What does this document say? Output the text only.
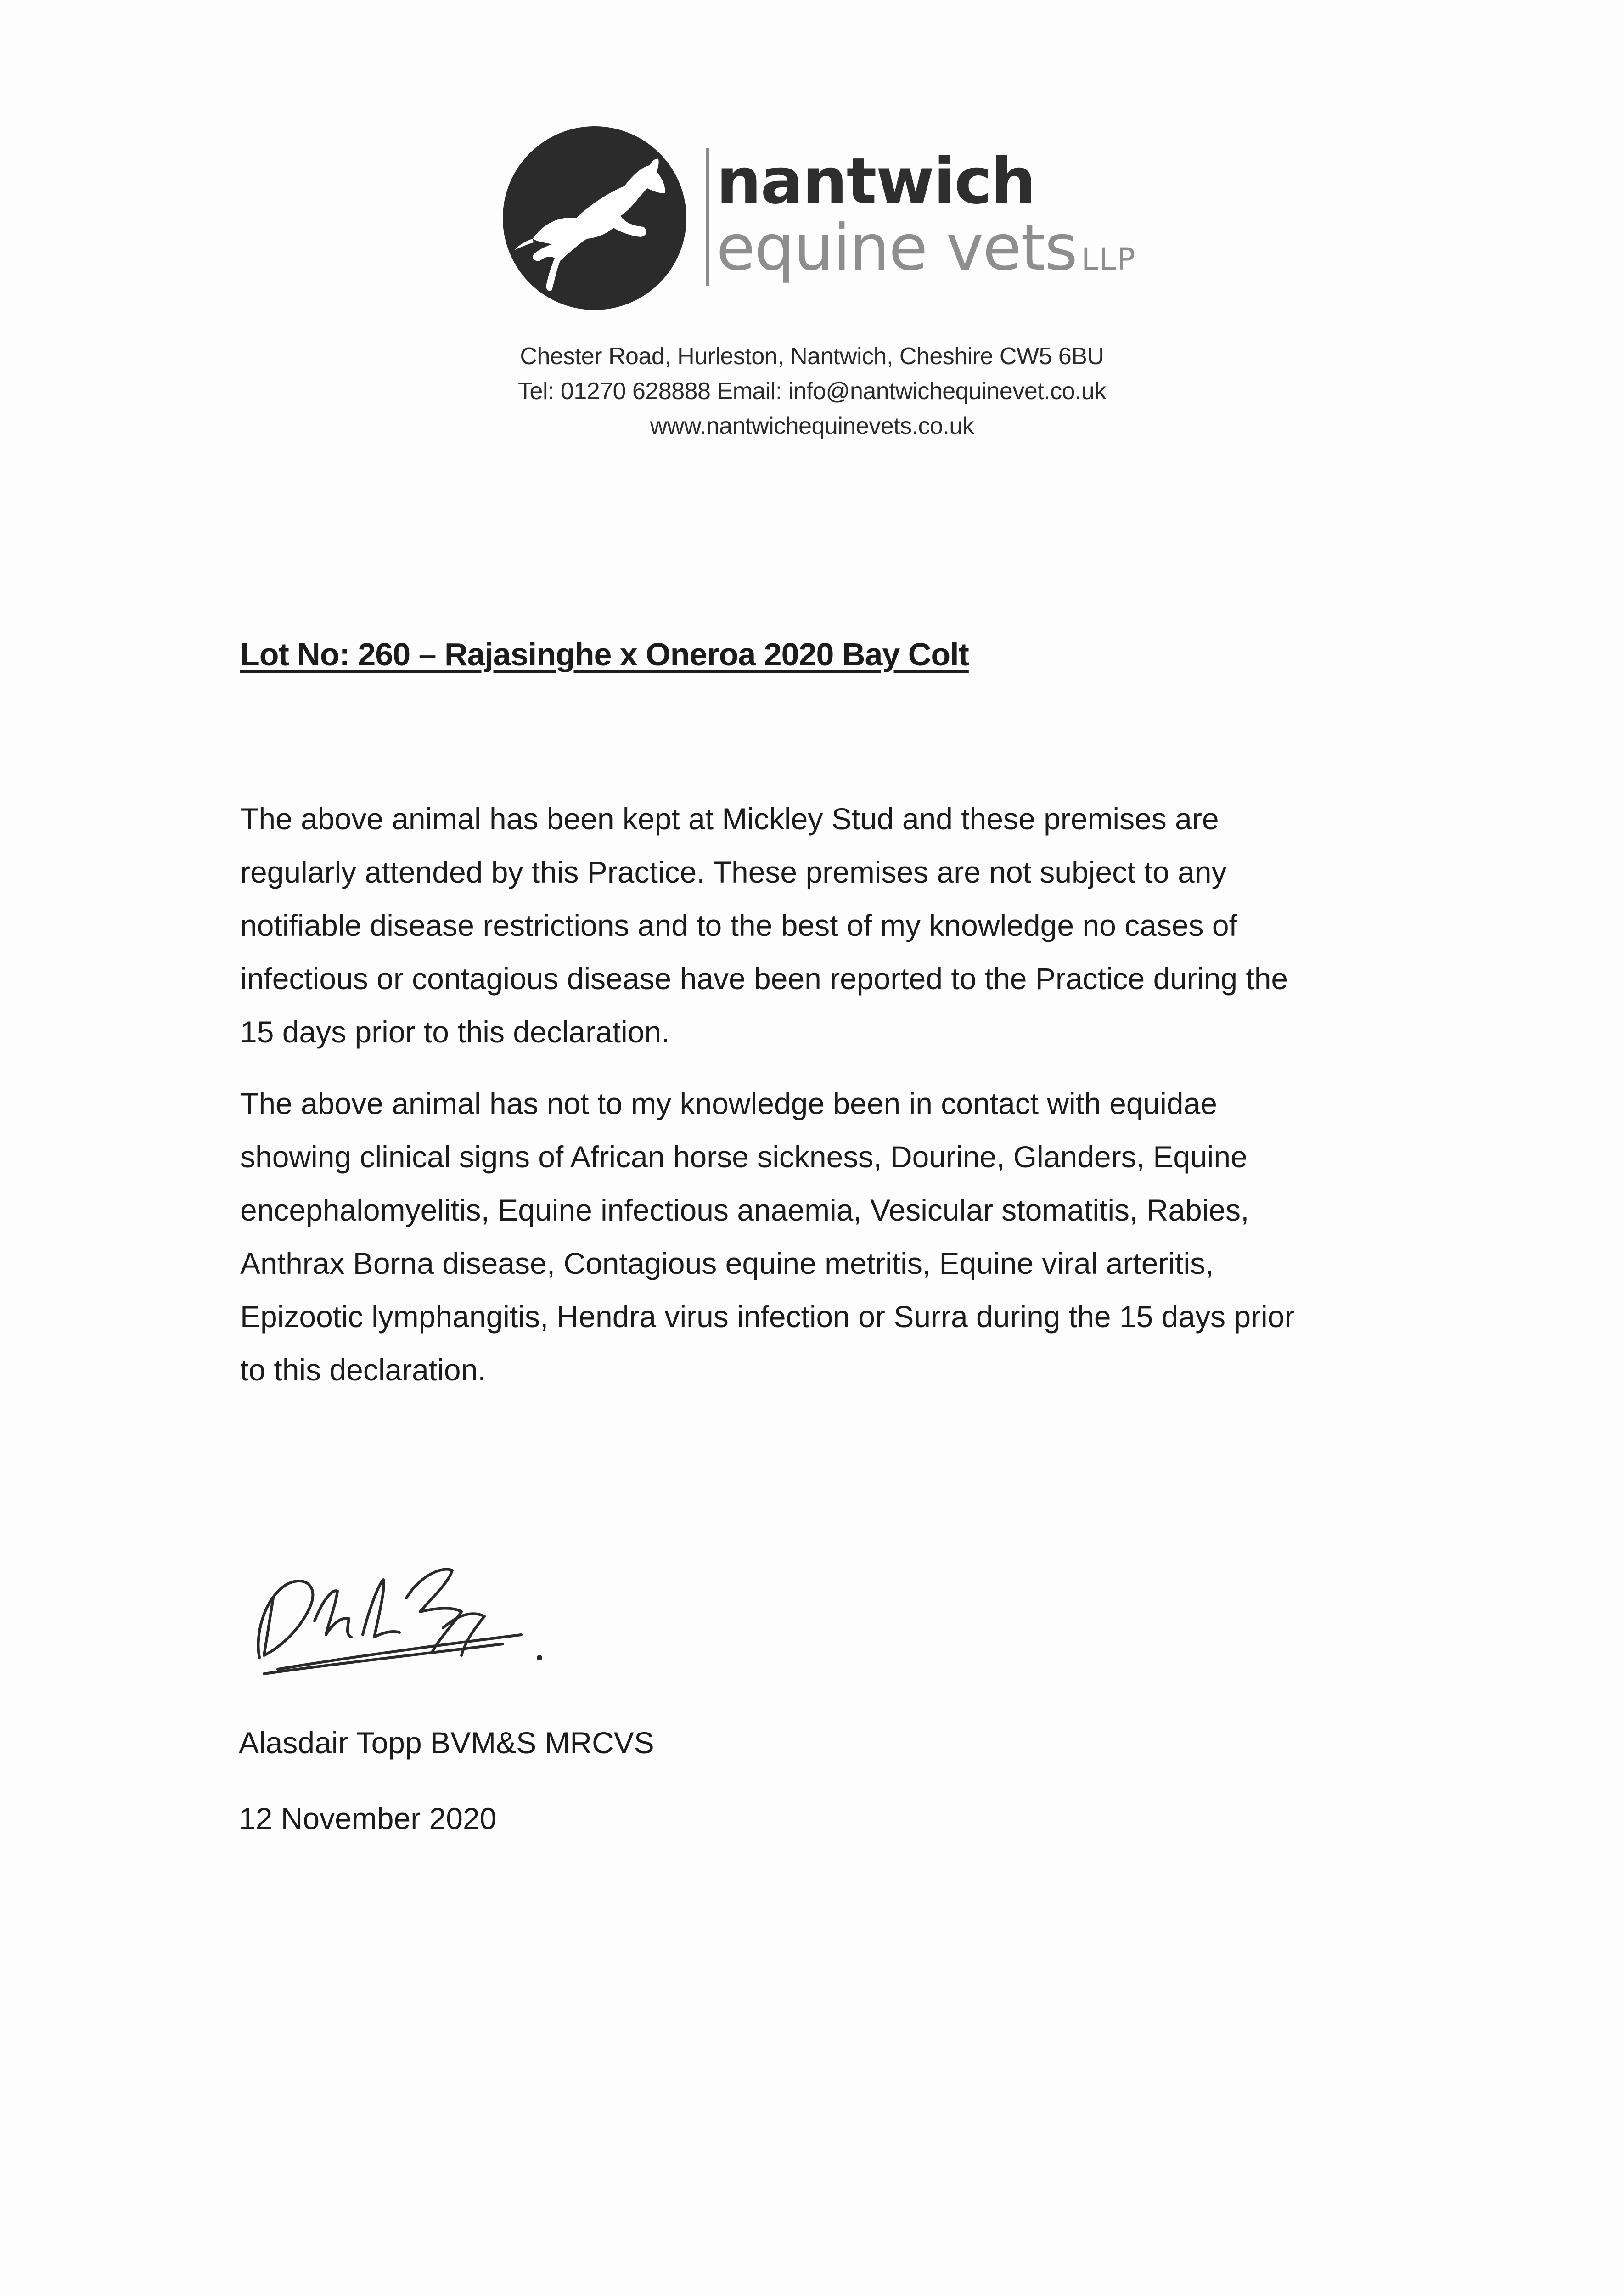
nantwich
equine vets LLP
Chester Road, Hurleston, Nantwich, Cheshire CW5 6BU
Tel: 01270 628888 Email: info@nantwichequinevet.co.uk
www.nantwichequinevets.co.uk
Lot No: 260 – Rajasinghe x Oneroa 2020 Bay Colt
The above animal has been kept at Mickley Stud and these premises are
regularly attended by this Practice. These premises are not subject to any
notifiable disease restrictions and to the best of my knowledge no cases of
infectious or contagious disease have been reported to the Practice during the
15 days prior to this declaration.
The above animal has not to my knowledge been in contact with equidae
showing clinical signs of African horse sickness, Dourine, Glanders, Equine
encephalomyelitis, Equine infectious anaemia, Vesicular stomatitis, Rabies,
Anthrax Borna disease, Contagious equine metritis, Equine viral arteritis,
Epizootic lymphangitis, Hendra virus infection or Surra during the 15 days prior
to this declaration.
Alasdair Topp BVM&S MRCVS
12 November 2020
